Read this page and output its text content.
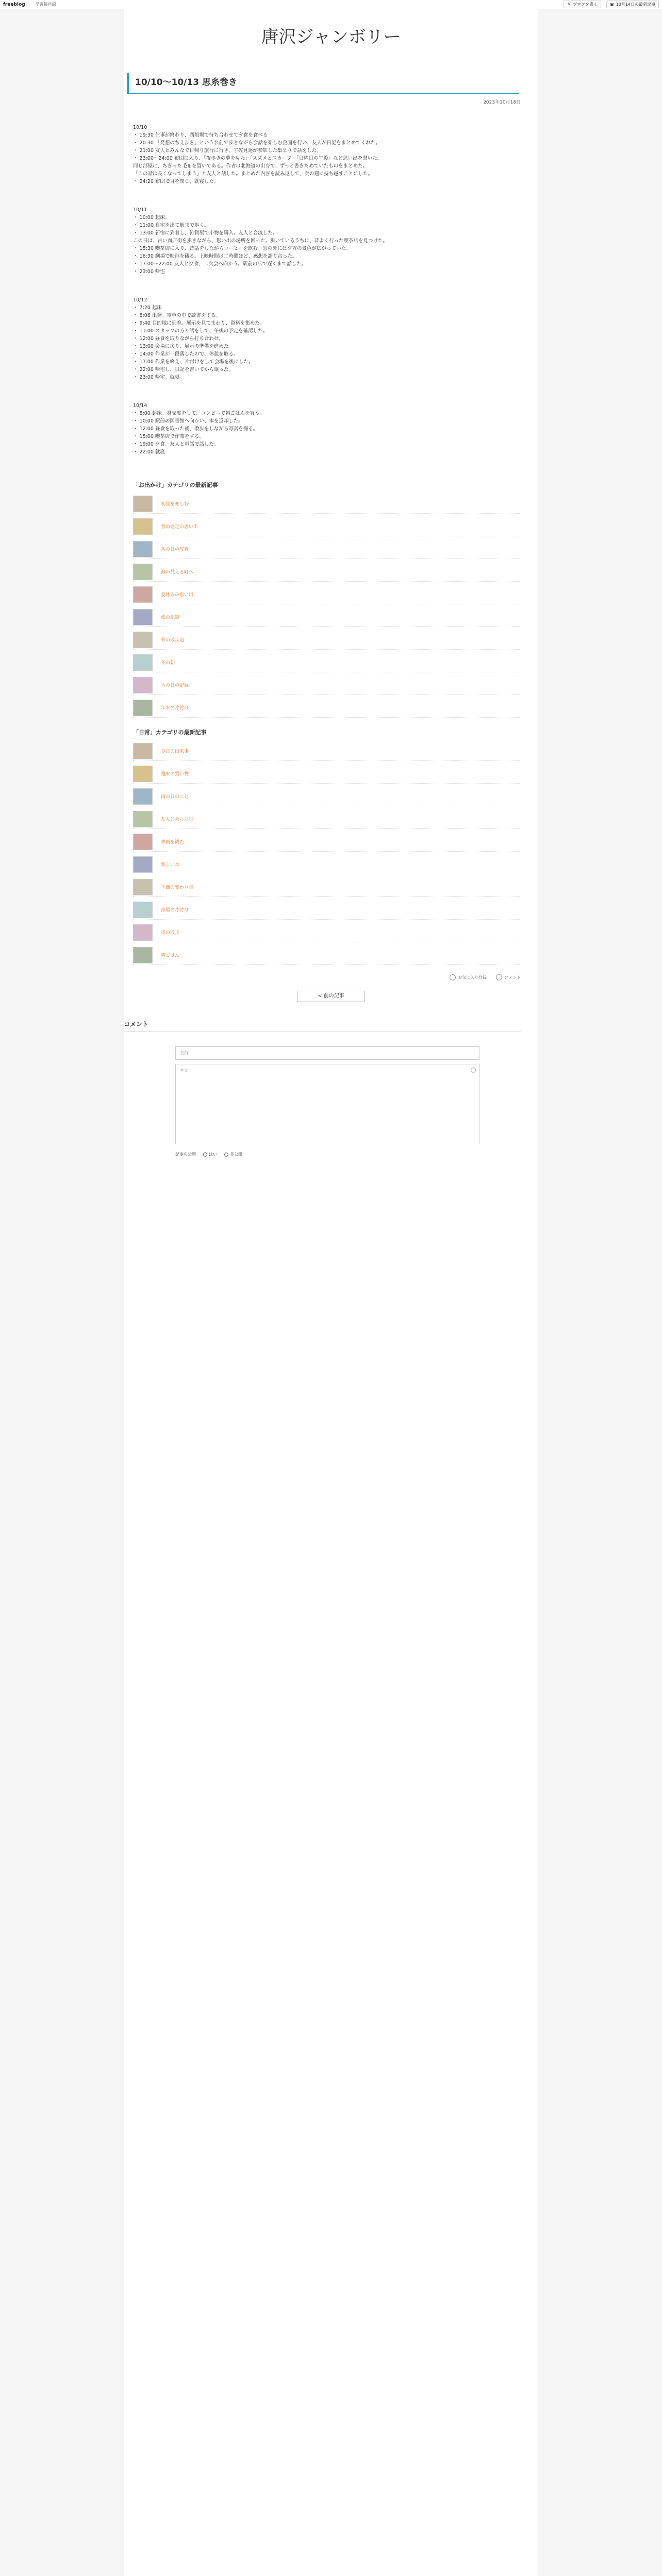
freeblog	学習帳目録	✎ ブログを書く	▣ 10月14日の最新記事
唐沢ジャンボリー
10/10～10/13 思糸巻き
2023年10月18日

10/10

・ 19:30 仕事が終わり、西船堀で待ち合わせて夕食を食べる

・ 20:30 「発想のちえ歩き」という名前で歩きながら会話を楽しむ企画を行い、友人が日記をまとめてくれた。

・ 21:00 友人とみんなで日帰り旅行に行き、宇佐見達が参加した集まりで話をした。

・ 23:00～24:00 布団に入り、「夜歩きの夢を見た」「スズメとスカーフ」「日曜日の午後」など思い出を書いた。

同じ部屋に、ちぎった毛布を置いてある。作者は北海道の出身で、ずっと書きためていたものをまとめた。

「この話は長くなってしまう」と友人と話した。まとめた内容を読み返して、次の週に持ち越すことにした。

・ 24:20 布団で目を閉じ、就寝した。

10/11

・ 10:00 起床。

・ 11:00 自宅を出て駅まで歩く。

・ 13:00 新宿に到着し、雑貨屋で小物を購入。友人と合流した。

この日は、古い商店街を歩きながら、思い出の場所を回った。歩いているうちに、昔よく行った喫茶店を見つけた。

・ 15:30 喫茶店に入り、昔話をしながらコーヒーを飲む。窓の外には夕方の景色が広がっていた。

・ 16:30 劇場で映画を観る。上映時間は二時間ほど、感想を語り合った。

・ 17:00～22:00 友人と夕食、二次会へ向かう。駅前の店で遅くまで話した。

・ 23:00 帰宅

10/12

・ 7:20 起床

・ 8:06 出発。電車の中で読書をする。

・ 9:40 目的地に到着。展示を見てまわり、資料を集めた。

・ 11:00 スタッフの方と話をして、午後の予定を確認した。

・ 12:00 昼食を取りながら打ち合わせ。

・ 13:00 会場に戻り、展示の準備を進めた。

・ 14:00 作業が一段落したので、休憩を取る。

・ 17:00 作業を終え、片付けをして会場を後にした。

・ 22:00 帰宅し、日記を書いてから眠った。

・ 23:00 帰宅。就寝。

10/14

・ 8:00 起床。身支度をして、コンビニで朝ごはんを買う。

・ 10:00 駅前の図書館へ向かい、本を返却した。

・ 12:00 昼食を取った後、散歩をしながら写真を撮る。

・ 15:00 喫茶店で作業をする。

・ 19:00 夕食。友人と電話で話した。

・ 22:00 就寝

「お出かけ」カテゴリの最新記事
初夏を楽しむ
春の遠足の思い出
あの日の写真
海の見える町へ
夏休みの思い出
旅の記録
秋の散歩道
冬の朝
雪の日の記録
年末の片付け
「日常」カテゴリの最新記事
今日の出来事
週末の買い物
雨の日のこと
友人と会った日
映画を観た
新しい本
季節の変わり目
部屋の片付け
夜の散歩
朝ごはん
お気に入り登録	コメント
< 前の記事
コメント
名前
本文
記事の公開	はい	非公開
